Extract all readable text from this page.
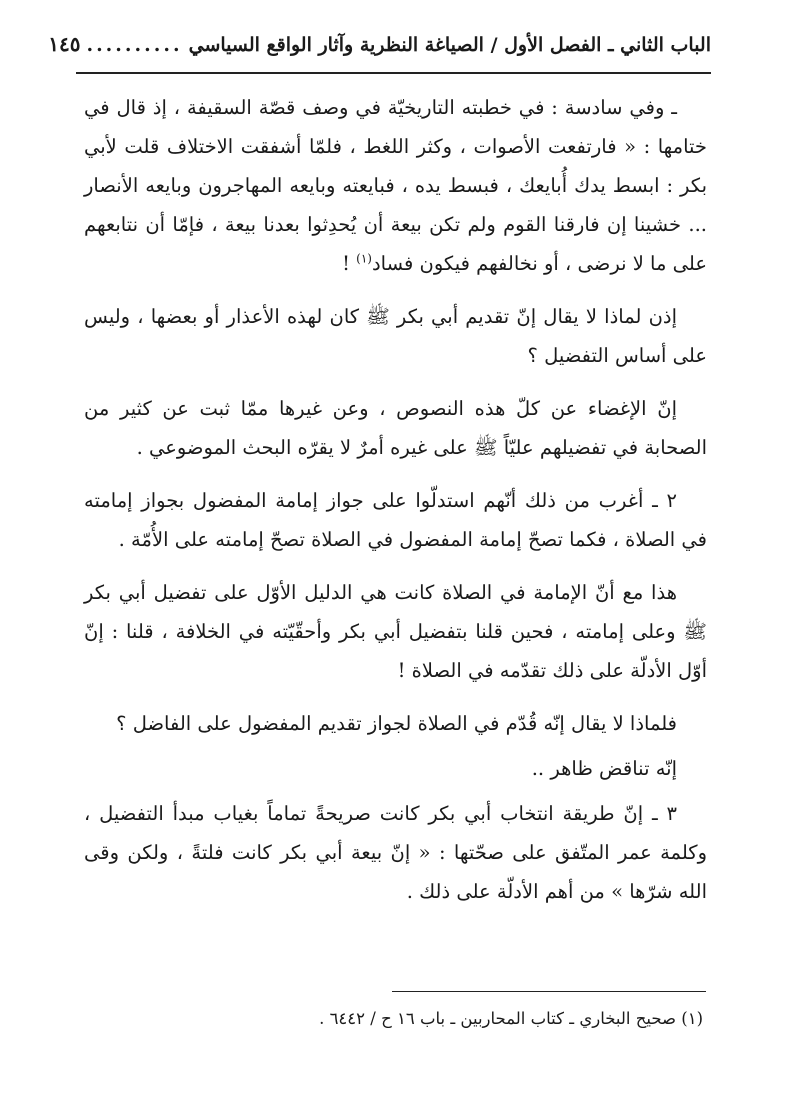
الباب الثاني ـ الفصل الأول / الصياغة النظرية وآثار الواقع السياسي
..........
١٤٥

ـ وفي سادسة : في خطبته التاريخيّة في وصف قصّة السقيفة ، إذ قال في ختامها : « فارتفعت الأصوات ، وكثر اللغط ، فلمّا أشفقت الاختلاف قلت لأبي بكر : ابسط يدك أُبايعك ، فبسط يده ، فبايعته وبايعه المهاجرون وبايعه الأنصار ... خشينا إن فارقنا القوم ولم تكن بيعة أن يُحدِثوا بعدنا بيعة ، فإمّا أن نتابعهم على ما لا نرضى ، أو نخالفهم فيكون فساد$^{(١)}$ !

إذن لماذا لا يقال إنّ تقديم أبي بكر ﷺ كان لهذه الأعذار أو بعضها ، وليس على أساس التفضيل ؟

إنّ الإغضاء عن كلّ هذه النصوص ، وعن غيرها ممّا ثبت عن كثير من الصحابة في تفضيلهم عليّاً ﷺ على غيره أمرٌ لا يقرّه البحث الموضوعي .

٢ ـ أغرب من ذلك أنّهم استدلّوا على جواز إمامة المفضول بجواز إمامته في الصلاة ، فكما تصحّ إمامة المفضول في الصلاة تصحّ إمامته على الأُمّة .

هذا مع أنّ الإمامة في الصلاة كانت هي الدليل الأوّل على تفضيل أبي بكر ﷺ وعلى إمامته ، فحين قلنا بتفضيل أبي بكر وأحقّيّته في الخلافة ، قلنا : إنّ أوّل الأدلّة على ذلك تقدّمه في الصلاة !

فلماذا لا يقال إنّه قُدّم في الصلاة لجواز تقديم المفضول على الفاضل ؟

إنّه تناقض ظاهر ..

٣ ـ إنّ طريقة انتخاب أبي بكر كانت صريحةً تماماً بغياب مبدأ التفضيل ، وكلمة عمر المتّفق على صحّتها : « إنّ بيعة أبي بكر كانت فلتةً ، ولكن وقى الله شرّها » من أهم الأدلّة على ذلك .

(١) صحيح البخاري ـ كتاب المحاربين ـ باب ١٦ ح / ٦٤٤٢ .
